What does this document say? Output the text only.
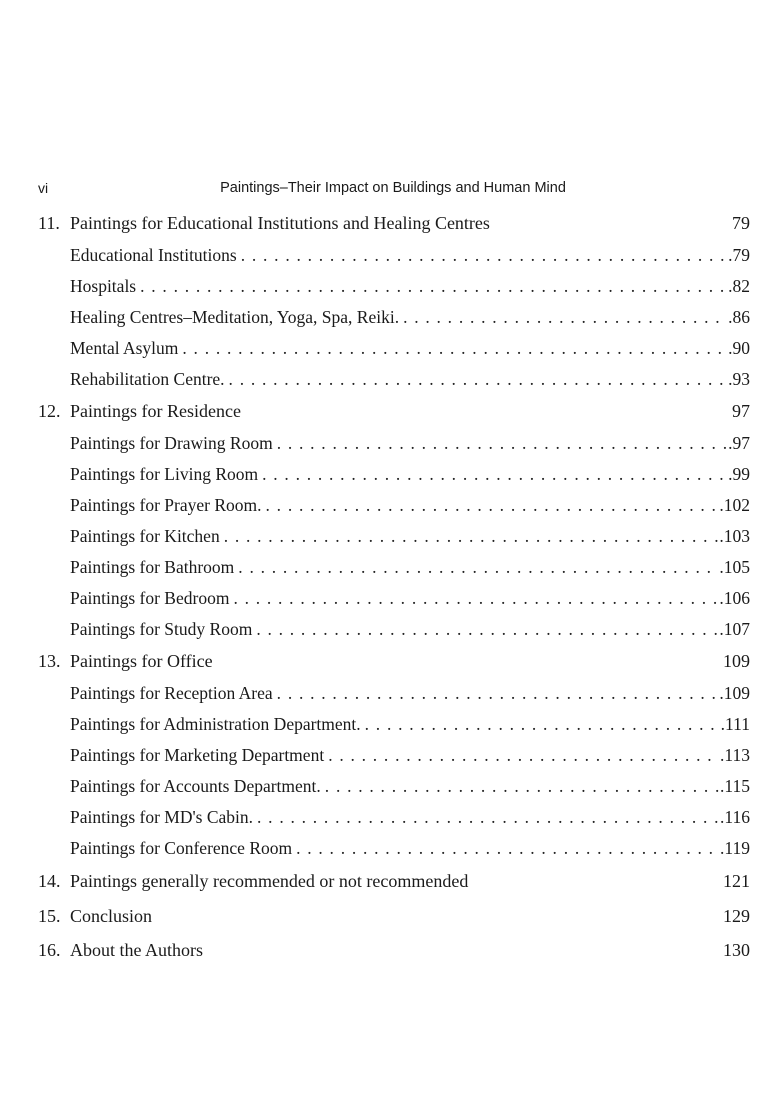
vi	Paintings–Their Impact on Buildings and Human Mind
11. Paintings for Educational Institutions and Healing Centres	79
Educational Institutions . . .	.79
Hospitals . . .	.82
Healing Centres–Meditation, Yoga, Spa, Reiki. . . .	.86
Mental Asylum . . .	.90
Rehabilitation Centre. . . .	.93
12. Paintings for Residence	97
Paintings for Drawing Room . . .	.97
Paintings for Living Room . . .	.99
Paintings for Prayer Room. . . .	.102
Paintings for Kitchen . . .	.103
Paintings for Bathroom . . .	.105
Paintings for Bedroom . . .	.106
Paintings for Study Room . . .	.107
13. Paintings for Office	109
Paintings for Reception Area . . .	.109
Paintings for Administration Department. . . .	.111
Paintings for Marketing Department . . .	.113
Paintings for Accounts Department. . . .	.115
Paintings for MD's Cabin. . . .	.116
Paintings for Conference Room . . .	.119
14. Paintings generally recommended or not recommended	121
15. Conclusion	129
16. About the Authors	130
